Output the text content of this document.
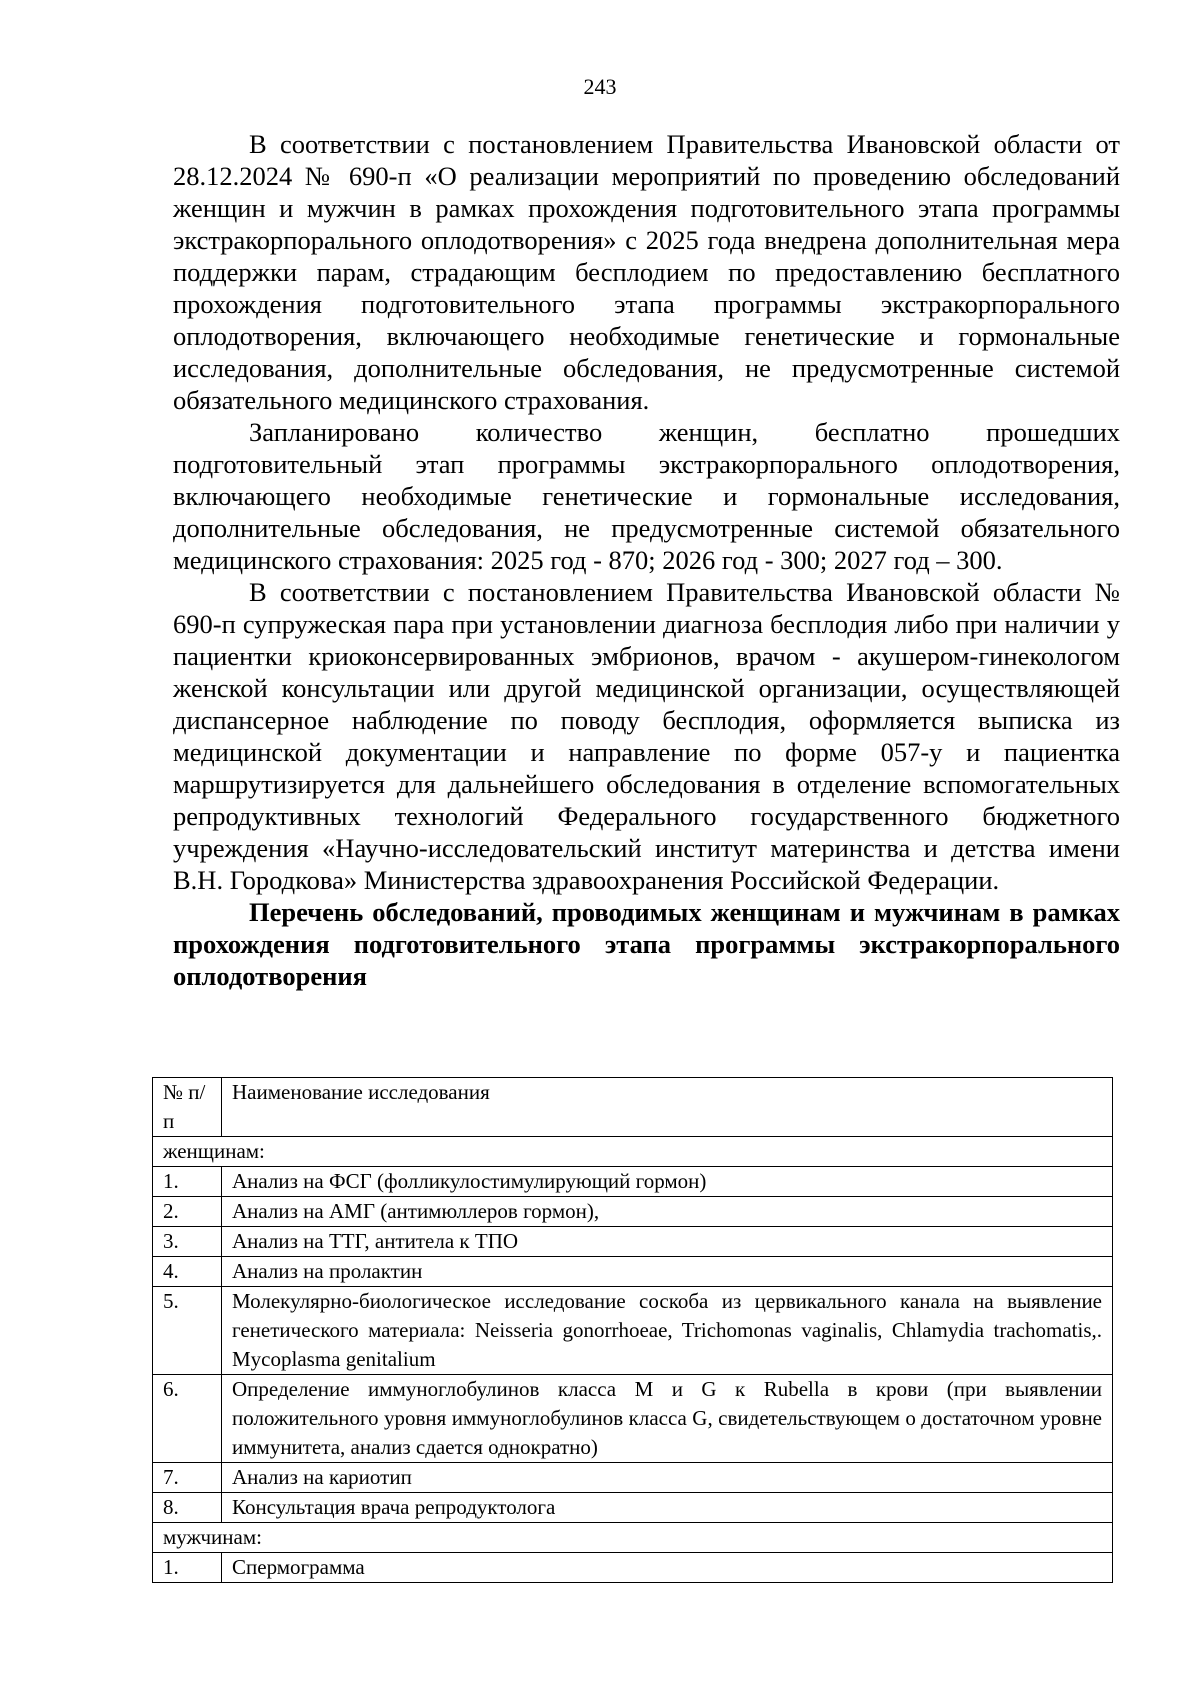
243

В соответствии с постановлением Правительства Ивановской области от 28.12.2024 № 690-п «О реализации мероприятий по проведению обследований женщин и мужчин в рамках прохождения подготовительного этапа программы экстракорпорального оплодотворения» с 2025 года внедрена дополнительная мера поддержки парам, страдающим бесплодием по предоставлению бесплатного прохождения подготовительного этапа программы экстракорпорального оплодотворения, включающего необходимые генетические и гормональные исследования, дополнительные обследования, не предусмотренные системой обязательного медицинского страхования.

Запланировано количество женщин, бесплатно прошедших подготовительный этап программы экстракорпорального оплодотворения, включающего необходимые генетические и гормональные исследования, дополнительные обследования, не предусмотренные системой обязательного медицинского страхования: 2025 год - 870; 2026 год - 300; 2027 год – 300.

В соответствии с постановлением Правительства Ивановской области № 690-п супружеская пара при установлении диагноза бесплодия либо при наличии у пациентки криоконсервированных эмбрионов, врачом - акушером-гинекологом женской консультации или другой медицинской организации, осуществляющей диспансерное наблюдение по поводу бесплодия, оформляется выписка из медицинской документации и направление по форме 057-у и пациентка маршрутизируется для дальнейшего обследования в отделение вспомогательных репродуктивных технологий Федерального государственного бюджетного учреждения «Научно-исследовательский институт материнства и детства имени В.Н. Городкова» Министерства здравоохранения Российской Федерации.

Перечень обследований, проводимых женщинам и мужчинам в рамках прохождения подготовительного этапа программы экстракорпорального оплодотворения

№ п/п	Наименование исследования
женщинам:	
1.	Анализ на ФСГ (фолликулостимулирующий гормон)
2.	Анализ на АМГ (антимюллеров гормон),
3.	Анализ на ТТГ, антитела к ТПО
4.	Анализ на пролактин
5.	Молекулярно-биологическое исследование соскоба из цервикального канала на выявление генетического материала: Neisseria gonorrhoeae, Trichomonas vaginalis, Chlamydia trachomatis,. Mycoplasma genitalium
6.	Определение иммуноглобулинов класса M и G к Rubella в крови (при выявлении положительного уровня иммуноглобулинов класса G, свидетельствующем о достаточном уровне иммунитета, анализ сдается однократно)
7.	Анализ на кариотип
8.	Консультация врача репродуктолога
мужчинам:	
1.	Спермограмма
